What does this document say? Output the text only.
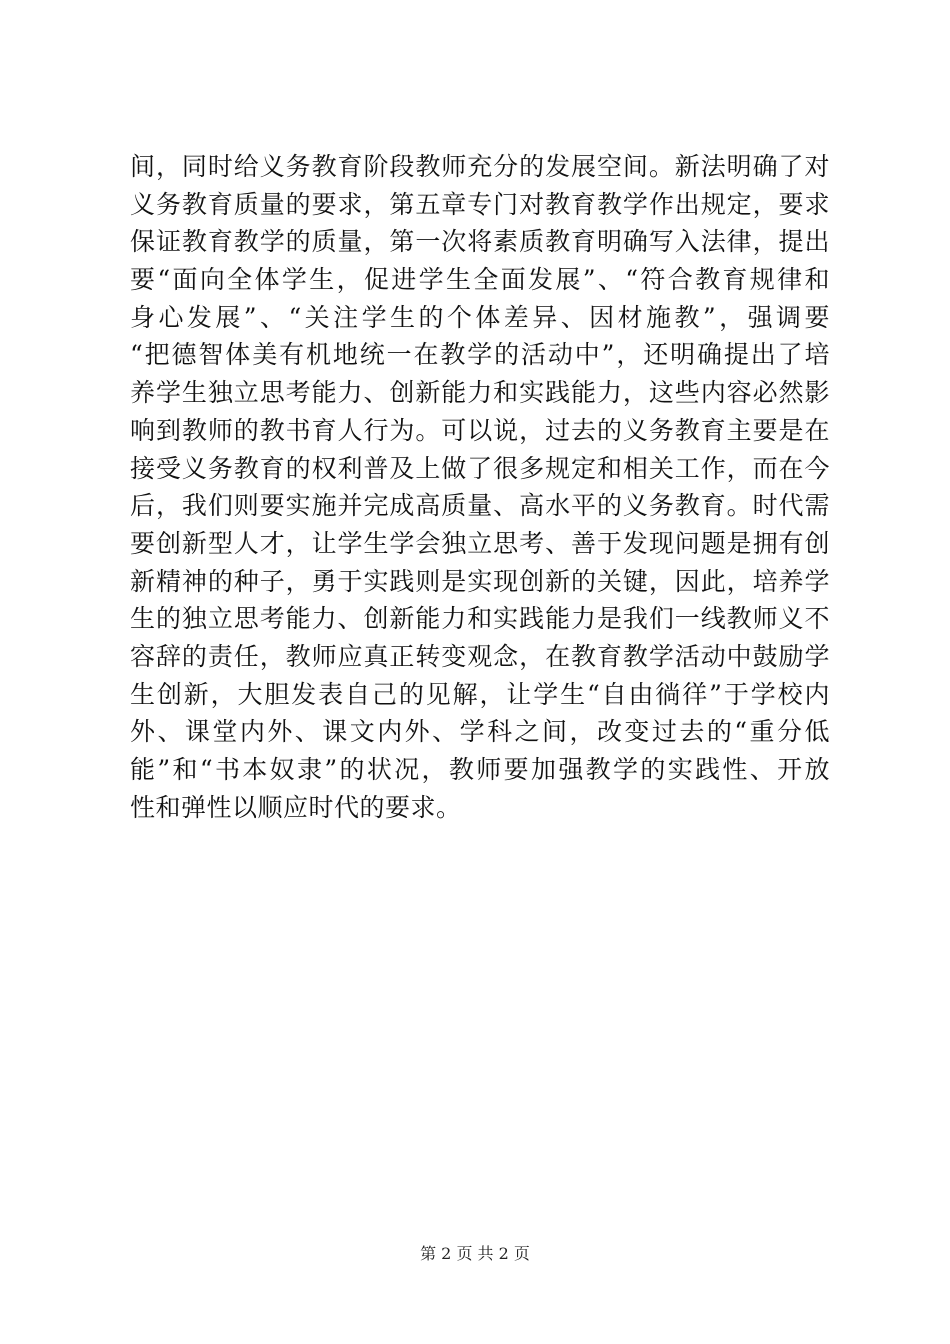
间，同时给义务教育阶段教师充分的发展空间。新法明确了对
义务教育质量的要求，第五章专门对教育教学作出规定，要求
保证教育教学的质量，第一次将素质教育明确写入法律，提出
要“面向全体学生，促进学生全面发展”、“符合教育规律和
身心发展”、“关注学生的个体差异、因材施教”，强调要
“把德智体美有机地统一在教学的活动中”，还明确提出了培
养学生独立思考能力、创新能力和实践能力，这些内容必然影
响到教师的教书育人行为。可以说，过去的义务教育主要是在
接受义务教育的权利普及上做了很多规定和相关工作，而在今
后，我们则要实施并完成高质量、高水平的义务教育。时代需
要创新型人才，让学生学会独立思考、善于发现问题是拥有创
新精神的种子，勇于实践则是实现创新的关键，因此，培养学
生的独立思考能力、创新能力和实践能力是我们一线教师义不
容辞的责任，教师应真正转变观念，在教育教学活动中鼓励学
生创新，大胆发表自己的见解，让学生“自由徜徉”于学校内
外、课堂内外、课文内外、学科之间，改变过去的“重分低
能”和“书本奴隶”的状况，教师要加强教学的实践性、开放
性和弹性以顺应时代的要求。
第 2 页 共 2 页
